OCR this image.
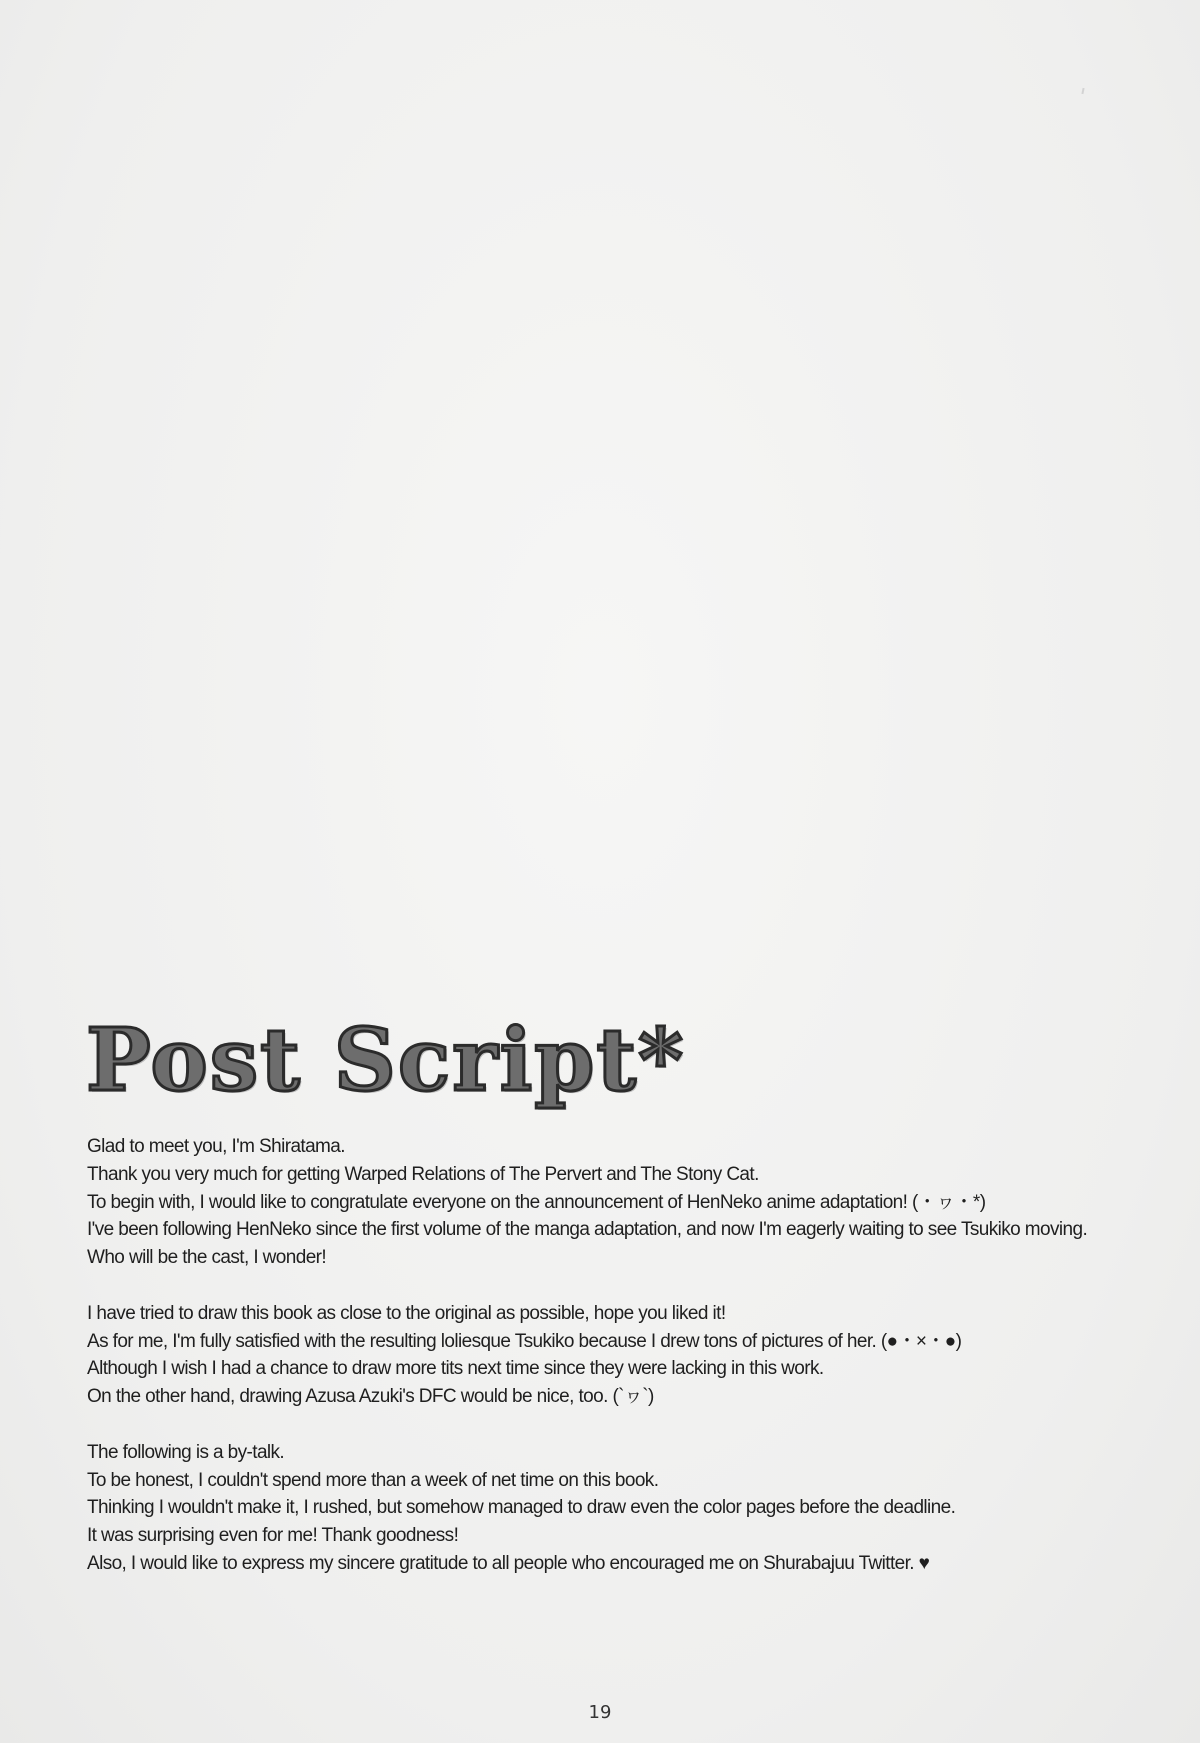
Post Script*
Glad to meet you, I'm Shiratama.
Thank you very much for getting Warped Relations of The Pervert and The Stony Cat.
To begin with, I would like to congratulate everyone on the announcement of HenNeko anime adaptation! (・ヮ・*)
I've been following HenNeko since the first volume of the manga adaptation, and now I'm eagerly waiting to see Tsukiko moving.
Who will be the cast, I wonder!
I have tried to draw this book as close to the original as possible, hope you liked it!
As for me, I'm fully satisfied with the resulting loliesque Tsukiko because I drew tons of pictures of her. (●・×・●)
Although I wish I had a chance to draw more tits next time since they were lacking in this work.
On the other hand, drawing Azusa Azuki's DFC would be nice, too. (`ヮ`)
The following is a by-talk.
To be honest, I couldn't spend more than a week of net time on this book.
Thinking I wouldn't make it, I rushed, but somehow managed to draw even the color pages before the deadline.
It was surprising even for me! Thank goodness!
Also, I would like to express my sincere gratitude to all people who encouraged me on Shurabajuu Twitter. ♥
19
